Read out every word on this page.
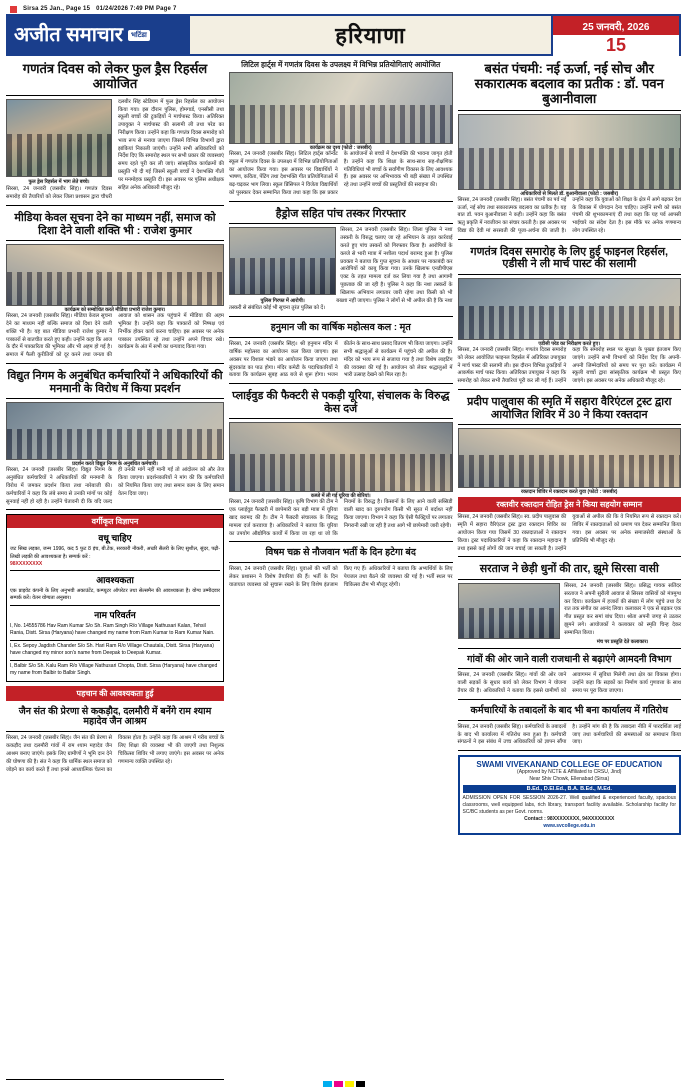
Sirsa 25 Jan., Page 15 01/24/2026 7:49 PM Page 7
अजीत समाचार	भटिंडा	हरियाणा	25 जनवरी, 2026
15
गणतंत्र दिवस को लेकर फुल ड्रैस रिहर्सल आयोजित
फुल ड्रेस रिहर्सल में भाग लेते बच्चे।
सिरसा, 24 जनवरी (जसबीर सिंह)। गणतंत्र दिवस समारोह की तैयारियों को लेकर जिला प्रशासन द्वारा चौधरी दलबीर सिंह स्टेडियम में फुल ड्रेस रिहर्सल का आयोजन किया गया। इस दौरान पुलिस, होमगार्ड, एनसीसी तथा स्कूली बच्चों की टुकड़ियों ने मार्चपास्ट किया। अतिरिक्त उपायुक्त ने मार्चपास्ट की सलामी ली तथा परेड का निरीक्षण किया। उन्होंने कहा कि गणतंत्र दिवस समारोह को भव्य रूप से मनाया जाएगा जिसमें विभिन्न विभागों द्वारा झांकियां निकाली जाएंगी। उन्होंने सभी अधिकारियों को निर्देश दिए कि समारोह स्थल पर सभी प्रकार की व्यवस्थाएं समय रहते पूरी कर ली जाएं। सांस्कृतिक कार्यक्रमों की प्रस्तुति भी दी गई जिसमें स्कूली बच्चों ने देशभक्ति गीतों पर मनमोहक प्रस्तुति दी। इस अवसर पर पुलिस अधीक्षक सहित अनेक अधिकारी मौजूद रहे।
मीडिया केवल सूचना देने का माध्यम नहीं, समाज को दिशा देने वाली शक्ति भी : राजेश कुमार
कार्यक्रम को सम्बोधित करते मीडिया प्रभारी राजेश कुमार।
सिरसा, 24 जनवरी (जसबीर सिंह)। मीडिया केवल सूचना देने का माध्यम नहीं बल्कि समाज को दिशा देने वाली शक्ति भी है। यह बात मीडिया प्रभारी राजेश कुमार ने पत्रकारों से बातचीत करते हुए कही। उन्होंने कहा कि आज के दौर में पत्रकारिता की भूमिका और भी अहम हो गई है। समाज में फैली कुरीतियों को दूर करने तथा जनता की आवाज को शासन तक पहुंचाने में मीडिया की अहम भूमिका है। उन्होंने कहा कि पत्रकारों को निष्पक्ष एवं निर्भीक होकर कार्य करना चाहिए। इस अवसर पर अनेक पत्रकार उपस्थित रहे तथा उन्होंने अपने विचार रखे। कार्यक्रम के अंत में सभी का धन्यवाद किया गया।
विद्युत निगम के अनुबंधित कर्मचारियों ने अधिकारियों की मनमानी के विरोध में किया प्रदर्शन
प्रदर्शन करते विद्युत निगम के अनुबंधित कर्मचारी।
सिरसा, 24 जनवरी (जसबीर सिंह)। विद्युत निगम के अनुबंधित कर्मचारियों ने अधिकारियों की मनमानी के विरोध में जमकर प्रदर्शन किया तथा नारेबाजी की। कर्मचारियों ने कहा कि लंबे समय से उनकी मांगों पर कोई सुनवाई नहीं हो रही है। उन्होंने चेतावनी दी कि यदि जल्द ही उनकी मांगें नहीं मानी गईं तो आंदोलन को और तेज किया जाएगा। प्रदर्शनकारियों ने मांग की कि कर्मचारियों को नियमित किया जाए तथा समान काम के लिए समान वेतन दिया जाए।
वर्गीकृत विज्ञापन
वधू चाहिए
जट सिख लड़का, जन्म 1996, कद 5 फुट 8 इंच, बी.टेक, सरकारी नौकरी, अच्छी सैलरी के लिए सुशील, सुंदर, पढ़ी-लिखी लड़की की आवश्यकता है। सम्पर्क करें :
98XXXXXXXX
आवश्यकता
एक प्राइवेट कंपनी के लिए अनुभवी अकाउंटेंट, कम्प्यूटर ऑपरेटर तथा सेल्समैन की आवश्यकता है। योग्य उम्मीदवार सम्पर्क करें। वेतन योग्यता अनुसार।
नाम परिवर्तन
I, No. 14555786 Hav Ram Kumar S/o Sh. Ram Singh R/o Village Nathusari Kalan, Tehsil Rania, Distt. Sirsa (Haryana) have changed my name from Ram Kumar to Ram Kumar Nain.
I, Ex. Sepoy Jagdish Chander S/o Sh. Hari Ram R/o Village Chautala, Distt. Sirsa (Haryana) have changed my minor son's name from Deepak to Deepak Kumar.
I, Balbir S/o Sh. Kalu Ram R/o Village Nathusari Chopta, Distt. Sirsa (Haryana) have changed my name from Balbir to Balbir Singh.
पहचान की आवश्यकता हुई
जैन संत की प्रेरणा से ककड़ौद, दलमौरी में बनेंगे राम श्याम महादेव जैन आश्रम
सिरसा, 24 जनवरी (जसबीर सिंह)। जैन संत की प्रेरणा से ककड़ौद तथा दलमौरी गांवों में राम श्याम महादेव जैन आश्रम बनाए जाएंगे। इसके लिए ग्रामीणों ने भूमि दान देने की घोषणा की है। संत ने कहा कि धार्मिक स्थल समाज को जोड़ने का कार्य करते हैं तथा इनसे आध्यात्मिक चेतना का विकास होता है। उन्होंने कहा कि आश्रम में गरीब बच्चों के लिए शिक्षा की व्यवस्था भी की जाएगी तथा निशुल्क चिकित्सा शिविर भी लगाए जाएंगे। इस अवसर पर अनेक गणमान्य व्यक्ति उपस्थित रहे।
लिटिल हार्ट्स में गणतंत्र दिवस के उपलक्ष्य में विभिन्न प्रतियोगिताएं आयोजित
कार्यक्रम का दृश्य (फोटो : जसबीर)
सिरसा, 24 जनवरी (जसबीर सिंह)। लिटिल हार्ट्स कॉन्वेंट स्कूल में गणतंत्र दिवस के उपलक्ष्य में विभिन्न प्रतियोगिताओं का आयोजन किया गया। इस अवसर पर विद्यार्थियों ने भाषण, कविता, पेंटिंग तथा देशभक्ति गीत प्रतियोगिताओं में बढ़-चढ़कर भाग लिया। स्कूल प्रिंसिपल ने विजेता विद्यार्थियों को पुरस्कार देकर सम्मानित किया तथा कहा कि इस प्रकार के आयोजनों से बच्चों में देशभक्ति की भावना जागृत होती है। उन्होंने कहा कि शिक्षा के साथ-साथ सह-शैक्षणिक गतिविधियां भी बच्चों के सर्वांगीण विकास के लिए आवश्यक हैं। इस अवसर पर अभिभावक भी बड़ी संख्या में उपस्थित रहे तथा उन्होंने बच्चों की प्रस्तुतियों की सराहना की।
हैड्रोज सहित पांच तस्कर गिरफ्तार
पुलिस गिरफ्त में आरोपी।
सिरसा, 24 जनवरी (जसबीर सिंह)। जिला पुलिस ने नशा तस्करी के विरुद्ध चलाए जा रहे अभियान के तहत कार्रवाई करते हुए पांच तस्करों को गिरफ्तार किया है। आरोपियों के कब्जे से भारी मात्रा में नशीला पदार्थ बरामद हुआ है। पुलिस प्रवक्ता ने बताया कि गुप्त सूचना के आधार पर नाकाबंदी कर आरोपियों को काबू किया गया। उनके खिलाफ एनडीपीएस एक्ट के तहत मामला दर्ज कर लिया गया है तथा आगामी पूछताछ की जा रही है। पुलिस ने कहा कि नशा तस्करों के खिलाफ अभियान लगातार जारी रहेगा तथा किसी को भी बख्शा नहीं जाएगा। पुलिस ने लोगों से भी अपील की है कि नशा तस्करी से संबंधित कोई भी सूचना तुरंत पुलिस को दें।
हनुमान जी का वार्षिक महोत्सव कल : मृत
सिरसा, 24 जनवरी (जसबीर सिंह)। श्री हनुमान मंदिर में वार्षिक महोत्सव का आयोजन कल किया जाएगा। इस अवसर पर विशाल भंडारे का आयोजन किया जाएगा तथा सुंदरकांड का पाठ होगा। मंदिर कमेटी के पदाधिकारियों ने बताया कि कार्यक्रम सुबह आठ बजे से शुरू होगा। भजन कीर्तन के साथ-साथ प्रसाद वितरण भी किया जाएगा। उन्होंने सभी श्रद्धालुओं से कार्यक्रम में पहुंचने की अपील की है। मंदिर को भव्य रूप से सजाया गया है तथा विशेष लाइटिंग की व्यवस्था की गई है। आयोजन को लेकर श्रद्धालुओं में भारी उत्साह देखने को मिल रहा है।
प्लाईवुड की फैक्टरी से पकड़ी यूरिया, संचालक के विरुद्ध केस दर्ज
कब्जे में ली गई यूरिया की बोरियां।
सिरसा, 24 जनवरी (जसबीर सिंह)। कृषि विभाग की टीम ने एक प्लाईवुड फैक्टरी में छापेमारी कर बड़ी मात्रा में यूरिया खाद बरामद की है। टीम ने फैक्टरी संचालक के विरुद्ध मामला दर्ज करवाया है। अधिकारियों ने बताया कि यूरिया का उपयोग औद्योगिक कार्यों में किया जा रहा था जो कि नियमों के विरुद्ध है। किसानों के लिए आने वाली सब्सिडी वाली खाद का दुरुपयोग किसी भी सूरत में बर्दाश्त नहीं किया जाएगा। विभाग ने कहा कि ऐसी फैक्ट्रियों पर लगातार निगरानी रखी जा रही है तथा आगे भी छापेमारी जारी रहेगी।
विषम चक्र से नौजवान भर्ती के दिन हटेगा बंद
सिरसा, 24 जनवरी (जसबीर सिंह)। युवाओं की भर्ती को लेकर प्रशासन ने विशेष तैयारियां की हैं। भर्ती के दिन यातायात व्यवस्था को सुचारू रखने के लिए विशेष इंतजाम किए गए हैं। अधिकारियों ने बताया कि अभ्यर्थियों के लिए पेयजल तथा बैठने की व्यवस्था की गई है। भर्ती स्थल पर चिकित्सा टीम भी मौजूद रहेगी।
बसंत पंचमी: नई ऊर्जा, नई सोच और सकारात्मक बदलाव का प्रतीक : डॉ. पवन बुआनीवाला
अधिकारियों से मिलते डॉ. बुआनीवाला (फोटो : जसबीर)
सिरसा, 24 जनवरी (जसबीर सिंह)। बसंत पंचमी का पर्व नई ऊर्जा, नई सोच तथा सकारात्मक बदलाव का प्रतीक है। यह बात डॉ. पवन बुआनीवाला ने कही। उन्होंने कहा कि बसंत ऋतु प्रकृति में नवजीवन का संचार करती है। इस अवसर पर विद्या की देवी मां सरस्वती की पूजा-अर्चना की जाती है। उन्होंने कहा कि युवाओं को शिक्षा के क्षेत्र में आगे बढ़कर देश के विकास में योगदान देना चाहिए। उन्होंने सभी को बसंत पंचमी की शुभकामनाएं दीं तथा कहा कि यह पर्व आपसी भाईचारे का संदेश देता है। इस मौके पर अनेक गणमान्य लोग उपस्थित रहे।
गणतंत्र दिवस समारोह के लिए हुई फाइनल रिहर्सल, एडीसी ने ली मार्च पास्ट की सलामी
एडीसी परेड का निरीक्षण करते हुए।
सिरसा, 24 जनवरी (जसबीर सिंह)। गणतंत्र दिवस समारोह को लेकर आयोजित फाइनल रिहर्सल में अतिरिक्त उपायुक्त ने मार्च पास्ट की सलामी ली। इस दौरान विभिन्न टुकड़ियों ने आकर्षक मार्च पास्ट किया। अतिरिक्त उपायुक्त ने कहा कि समारोह को लेकर सभी तैयारियां पूरी कर ली गई हैं। उन्होंने कहा कि समारोह स्थल पर सुरक्षा के पुख्ता इंतजाम किए जाएंगे। उन्होंने सभी विभागों को निर्देश दिए कि अपनी-अपनी जिम्मेदारियों को समय पर पूरा करें। कार्यक्रम में स्कूली बच्चों द्वारा सांस्कृतिक कार्यक्रम भी प्रस्तुत किए जाएंगे। इस अवसर पर अनेक अधिकारी मौजूद रहे।
प्रदीप पालुवास की स्मृति में सहारा वैरिएंटल ट्रस्ट द्वारा आयोजित शिविर में 30 ने किया रक्तदान
रक्तदान शिविर में रक्तदान करते युवा (फोटो : जसबीर)
रक्तवीर रक्तदान रोहित ड्रेस ने किया सहयोग सम्मान
सिरसा, 24 जनवरी (जसबीर सिंह)। स्व. प्रदीप पालुवास की स्मृति में सहारा वैरिएंटल ट्रस्ट द्वारा रक्तदान शिविर का आयोजन किया गया जिसमें 30 रक्तदाताओं ने रक्तदान किया। ट्रस्ट पदाधिकारियों ने कहा कि रक्तदान महादान है तथा इससे कई लोगों की जान बचाई जा सकती है। उन्होंने युवाओं से अपील की कि वे नियमित रूप से रक्तदान करें। शिविर में रक्तदाताओं को प्रमाण पत्र देकर सम्मानित किया गया। इस अवसर पर अनेक समाजसेवी संस्थाओं के प्रतिनिधि भी मौजूद रहे।
सरताज ने छेड़ी धुनों की तार, झूमे सिरसा वासी
सिरसा, 24 जनवरी (जसबीर सिंह)। प्रसिद्ध गायक सतिंदर सरताज ने अपनी सुरीली आवाज से सिरसा वासियों को मंत्रमुग्ध कर दिया। कार्यक्रम में हजारों की संख्या में लोग पहुंचे तथा देर रात तक संगीत का आनंद लिया। कलाकार ने एक से बढ़कर एक गीत प्रस्तुत कर समां बांध दिया। श्रोता अपनी जगह से उठकर झूमने लगे। आयोजकों ने कलाकार को स्मृति चिन्ह देकर सम्मानित किया।
मंच पर प्रस्तुति देते कलाकार।
गांवों की ओर जाने वाली राजधानी से बढ़ाएंगे आमदनी विभाग
सिरसा, 24 जनवरी (जसबीर सिंह)। गांवों की ओर जाने वाली सड़कों के सुधार कार्य को लेकर विभाग ने योजना तैयार की है। अधिकारियों ने बताया कि इससे ग्रामीणों को आवागमन में सुविधा मिलेगी तथा क्षेत्र का विकास होगा। उन्होंने कहा कि सड़कों का निर्माण कार्य गुणवत्ता के साथ समय पर पूरा किया जाएगा।
कर्मचारियों के तबादलों के बाद भी बना कार्यालय में गतिरोध
सिरसा, 24 जनवरी (जसबीर सिंह)। कर्मचारियों के तबादलों के बाद भी कार्यालय में गतिरोध बना हुआ है। कर्मचारी संगठनों ने इस संबंध में उच्च अधिकारियों को ज्ञापन सौंपा है। उन्होंने मांग की है कि तबादला नीति में पारदर्शिता लाई जाए तथा कर्मचारियों की समस्याओं का समाधान किया जाए।
SWAMI VIVEKANAND COLLEGE OF EDUCATION
(Approved by NCTE & Affiliated to CRSU, Jind)
Near Shiv Chowk, Ellenabad (Sirsa)
B.Ed., D.El.Ed., B.A. B.Ed., M.Ed.
ADMISSION OPEN FOR SESSION 2026-27. Well qualified & experienced faculty, spacious classrooms, well equipped labs, rich library, transport facility available. Scholarship facility for SC/BC students as per Govt. norms.
Contact : 98XXXXXXXX, 94XXXXXXXX
www.svcollege.edu.in
